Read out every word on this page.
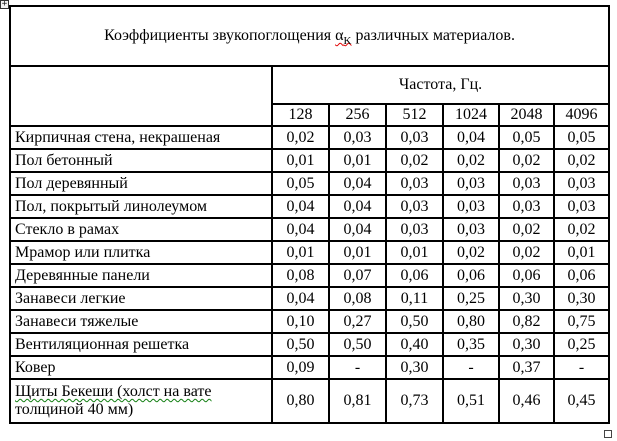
+
Коэффициенты звукопоглощения $\alpha_K$ различных материалов.						
	Частота, Гц.					
	128	256	512	1024	2048	4096
Кирпичная стена, некрашеная	0,02	0,03	0,03	0,04	0,05	0,05
Пол бетонный	0,01	0,01	0,02	0,02	0,02	0,02
Пол деревянный	0,05	0,04	0,03	0,03	0,03	0,03
Пол, покрытый линолеумом	0,04	0,04	0,03	0,03	0,03	0,03
Стекло в рамах	0,04	0,04	0,03	0,03	0,02	0,02
Мрамор или плитка	0,01	0,01	0,01	0,02	0,02	0,01
Деревянные панели	0,08	0,07	0,06	0,06	0,06	0,06
Занавеси легкие	0,04	0,08	0,11	0,25	0,30	0,30
Занавеси тяжелые	0,10	0,27	0,50	0,80	0,82	0,75
Вентиляционная решетка	0,50	0,50	0,40	0,35	0,30	0,25
Ковер	0,09	-	0,30	-	0,37	-
Щиты Бекеши (холст на вате
толщиной 40 мм)	0,80	0,81	0,73	0,51	0,46	0,45
